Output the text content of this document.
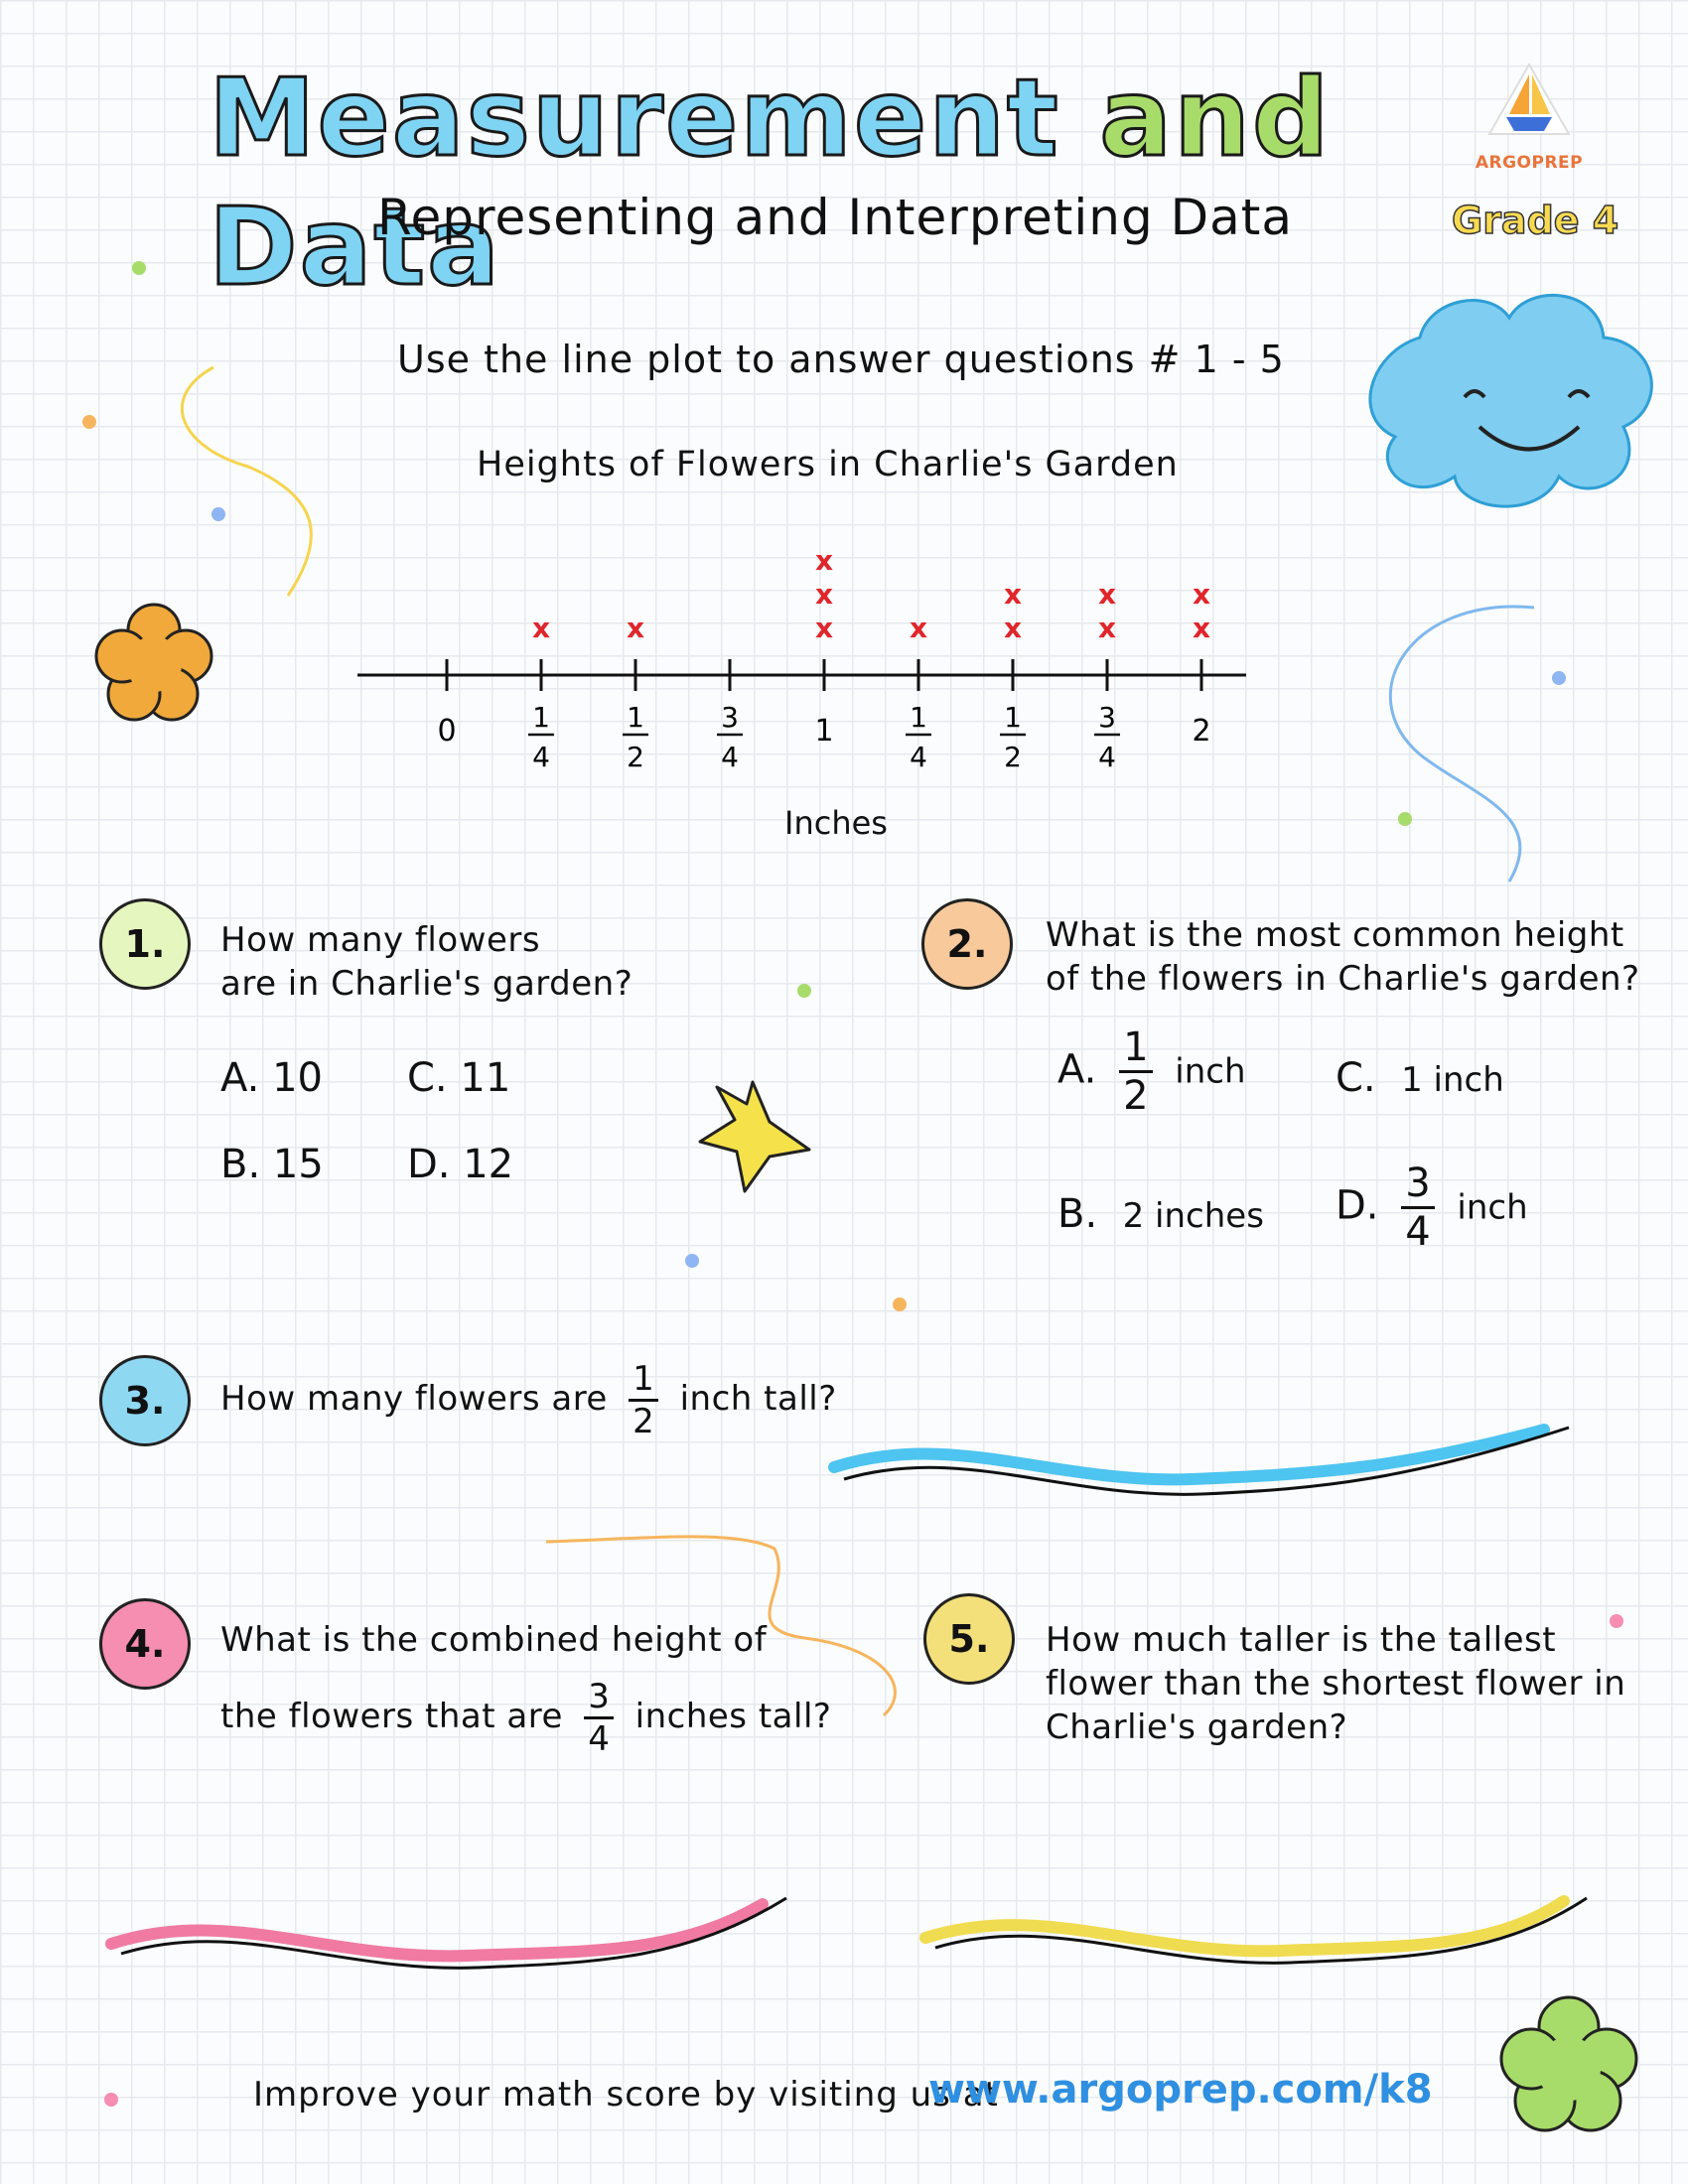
Measurement and Data
Representing and Interpreting Data
ARGOPREP
Grade 4
Use the line plot to answer questions # 1 - 5
Heights of Flowers in Charlie's Garden
0	1
4
x
1
2
x
3
4
1
x
x
x
1
4
x
1
2
x
x
3
4
x
x
2
x
x
Inches
1.	How many flowers
are in Charlie's garden?
A. 10 C. 11
B. 15 D. 12
2.	What is the most common height
of the flowers in Charlie's garden?
A. $\frac{1}{2}$ inch C. 1 inch
B. 2 inches D. $\frac{3}{4}$ inch
3.	How many flowers are $\frac{1}{2}$ inch tall?
4.	What is the combined height of
the flowers that are $\frac{3}{4}$ inches tall?
5.	How much taller is the tallest
flower than the shortest flower in
Charlie's garden?
Improve your math score by visiting us at
www.argoprep.com/k8
